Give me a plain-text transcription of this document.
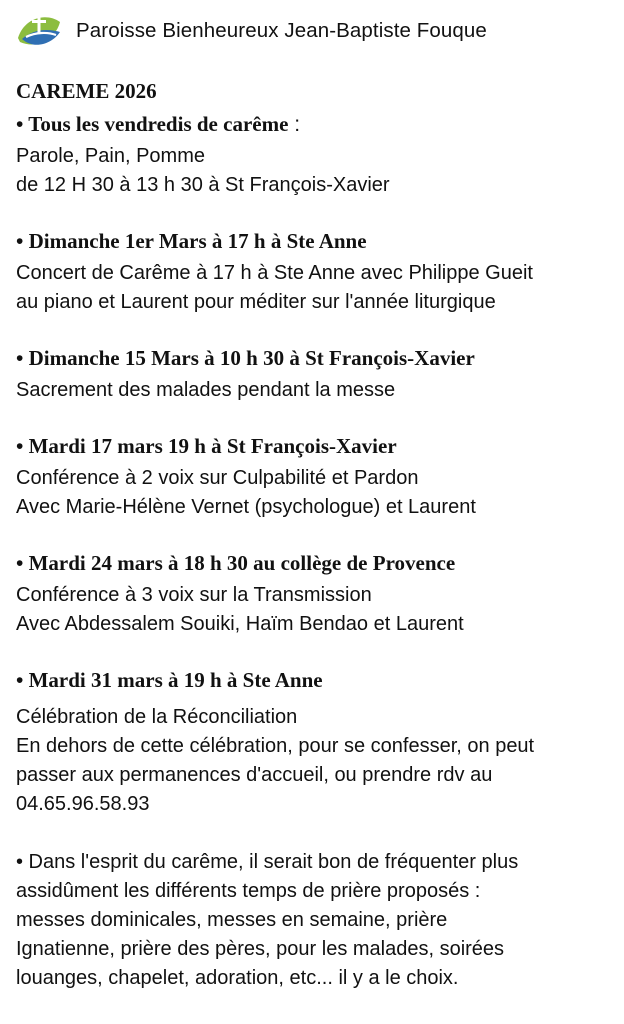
Paroisse Bienheureux Jean-Baptiste Fouque
CAREME 2026
• Tous les vendredis de carême :
Parole, Pain, Pomme
de 12 H 30 à 13 h 30 à St François-Xavier
• Dimanche 1er Mars à 17 h à Ste Anne
Concert de Carême à 17 h à Ste Anne avec Philippe Gueit
au piano et Laurent pour méditer sur l'année liturgique
• Dimanche 15 Mars à 10 h 30 à St François-Xavier
Sacrement des malades pendant la messe
• Mardi 17 mars 19 h à St François-Xavier
Conférence à 2 voix sur Culpabilité et Pardon
Avec Marie-Hélène Vernet (psychologue) et Laurent
• Mardi 24 mars à 18 h 30 au collège de Provence
Conférence à 3 voix sur la Transmission
Avec Abdessalem Souiki, Haïm Bendao et Laurent
• Mardi 31 mars à 19 h à Ste Anne
Célébration de la Réconciliation
En dehors de cette célébration, pour se confesser, on peut
passer aux permanences d'accueil, ou prendre rdv au
04.65.96.58.93
• Dans l'esprit du carême, il serait bon de fréquenter plus
assidûment les différents temps de prière proposés :
messes dominicales, messes en semaine, prière
Ignatienne, prière des pères, pour les malades, soirées
louanges, chapelet, adoration, etc... il y a le choix.
